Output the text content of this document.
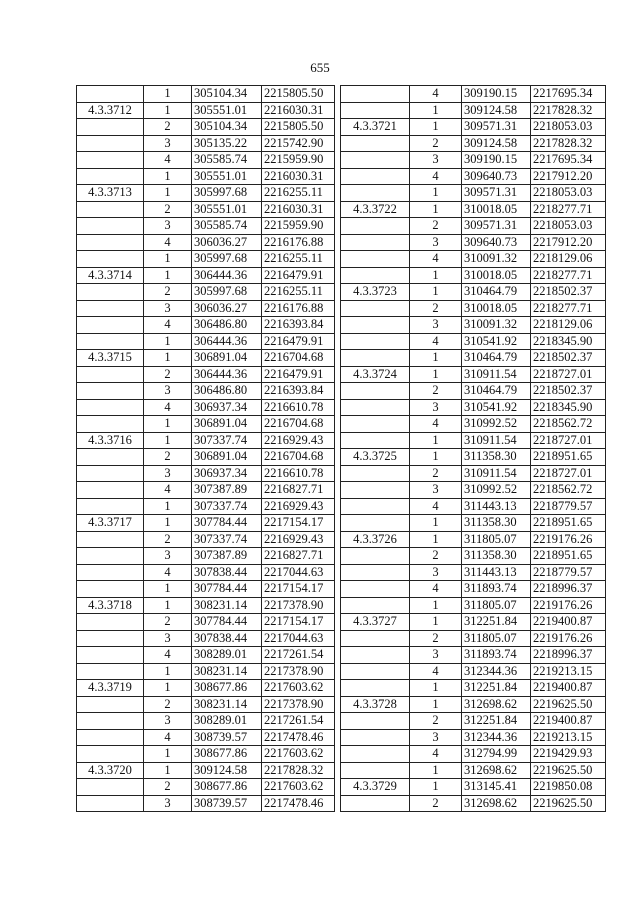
655
	1	305104.34	2215805.50
4.3.3712	1	305551.01	2216030.31
	2	305104.34	2215805.50
	3	305135.22	2215742.90
	4	305585.74	2215959.90
	1	305551.01	2216030.31
4.3.3713	1	305997.68	2216255.11
	2	305551.01	2216030.31
	3	305585.74	2215959.90
	4	306036.27	2216176.88
	1	305997.68	2216255.11
4.3.3714	1	306444.36	2216479.91
	2	305997.68	2216255.11
	3	306036.27	2216176.88
	4	306486.80	2216393.84
	1	306444.36	2216479.91
4.3.3715	1	306891.04	2216704.68
	2	306444.36	2216479.91
	3	306486.80	2216393.84
	4	306937.34	2216610.78
	1	306891.04	2216704.68
4.3.3716	1	307337.74	2216929.43
	2	306891.04	2216704.68
	3	306937.34	2216610.78
	4	307387.89	2216827.71
	1	307337.74	2216929.43
4.3.3717	1	307784.44	2217154.17
	2	307337.74	2216929.43
	3	307387.89	2216827.71
	4	307838.44	2217044.63
	1	307784.44	2217154.17
4.3.3718	1	308231.14	2217378.90
	2	307784.44	2217154.17
	3	307838.44	2217044.63
	4	308289.01	2217261.54
	1	308231.14	2217378.90
4.3.3719	1	308677.86	2217603.62
	2	308231.14	2217378.90
	3	308289.01	2217261.54
	4	308739.57	2217478.46
	1	308677.86	2217603.62
4.3.3720	1	309124.58	2217828.32
	2	308677.86	2217603.62
	3	308739.57	2217478.46
	4	309190.15	2217695.34
	1	309124.58	2217828.32
4.3.3721	1	309571.31	2218053.03
	2	309124.58	2217828.32
	3	309190.15	2217695.34
	4	309640.73	2217912.20
	1	309571.31	2218053.03
4.3.3722	1	310018.05	2218277.71
	2	309571.31	2218053.03
	3	309640.73	2217912.20
	4	310091.32	2218129.06
	1	310018.05	2218277.71
4.3.3723	1	310464.79	2218502.37
	2	310018.05	2218277.71
	3	310091.32	2218129.06
	4	310541.92	2218345.90
	1	310464.79	2218502.37
4.3.3724	1	310911.54	2218727.01
	2	310464.79	2218502.37
	3	310541.92	2218345.90
	4	310992.52	2218562.72
	1	310911.54	2218727.01
4.3.3725	1	311358.30	2218951.65
	2	310911.54	2218727.01
	3	310992.52	2218562.72
	4	311443.13	2218779.57
	1	311358.30	2218951.65
4.3.3726	1	311805.07	2219176.26
	2	311358.30	2218951.65
	3	311443.13	2218779.57
	4	311893.74	2218996.37
	1	311805.07	2219176.26
4.3.3727	1	312251.84	2219400.87
	2	311805.07	2219176.26
	3	311893.74	2218996.37
	4	312344.36	2219213.15
	1	312251.84	2219400.87
4.3.3728	1	312698.62	2219625.50
	2	312251.84	2219400.87
	3	312344.36	2219213.15
	4	312794.99	2219429.93
	1	312698.62	2219625.50
4.3.3729	1	313145.41	2219850.08
	2	312698.62	2219625.50
